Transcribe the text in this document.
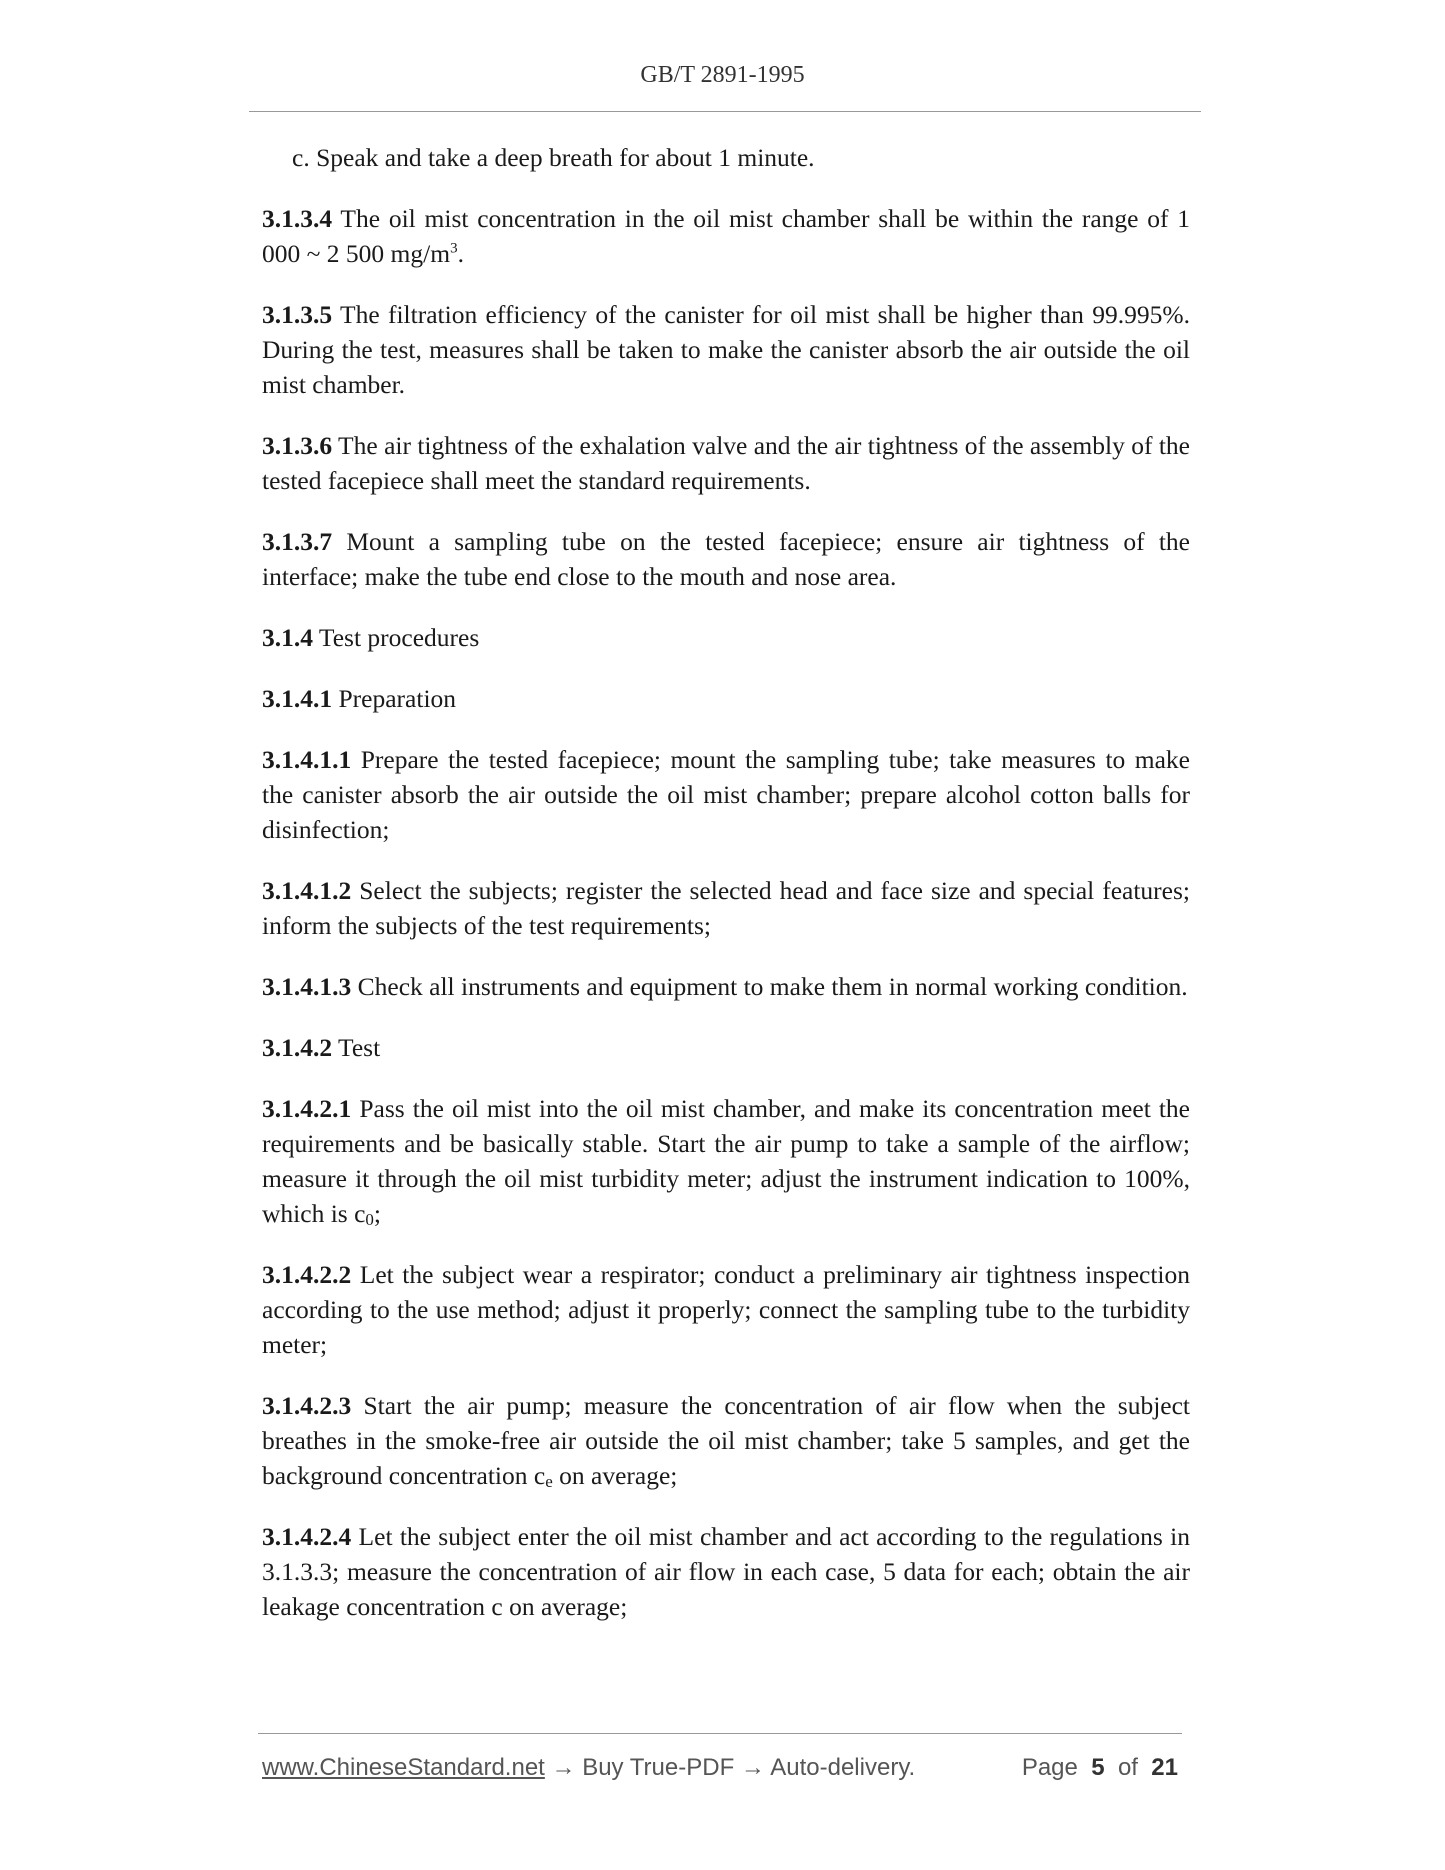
GB/T 2891-1995

c. Speak and take a deep breath for about 1 minute.

3.1.3.4 The oil mist concentration in the oil mist chamber shall be within the range of 1 000 ~ 2 500 $mg/m^3$.

3.1.3.5 The filtration efficiency of the canister for oil mist shall be higher than 99.995%. During the test, measures shall be taken to make the canister absorb the air outside the oil mist chamber.

3.1.3.6 The air tightness of the exhalation valve and the air tightness of the assembly of the tested facepiece shall meet the standard requirements.

3.1.3.7 Mount a sampling tube on the tested facepiece; ensure air tightness of the interface; make the tube end close to the mouth and nose area.

3.1.4 Test procedures

3.1.4.1 Preparation

3.1.4.1.1 Prepare the tested facepiece; mount the sampling tube; take measures to make the canister absorb the air outside the oil mist chamber; prepare alcohol cotton balls for disinfection;

3.1.4.1.2 Select the subjects; register the selected head and face size and special features; inform the subjects of the test requirements;

3.1.4.1.3 Check all instruments and equipment to make them in normal working condition.

3.1.4.2 Test

3.1.4.2.1 Pass the oil mist into the oil mist chamber, and make its concentration meet the requirements and be basically stable. Start the air pump to take a sample of the airflow; measure it through the oil mist turbidity meter; adjust the instrument indication to 100%, which is $c_0$;

3.1.4.2.2 Let the subject wear a respirator; conduct a preliminary air tightness inspection according to the use method; adjust it properly; connect the sampling tube to the turbidity meter;

3.1.4.2.3 Start the air pump; measure the concentration of air flow when the subject breathes in the smoke-free air outside the oil mist chamber; take 5 samples, and get the background concentration $c_e$ on average;

3.1.4.2.4 Let the subject enter the oil mist chamber and act according to the regulations in 3.1.3.3; measure the concentration of air flow in each case, 5 data for each; obtain the air leakage concentration c on average;

www.ChineseStandard.net → Buy True-PDF → Auto-delivery.	Page 5 of 21
